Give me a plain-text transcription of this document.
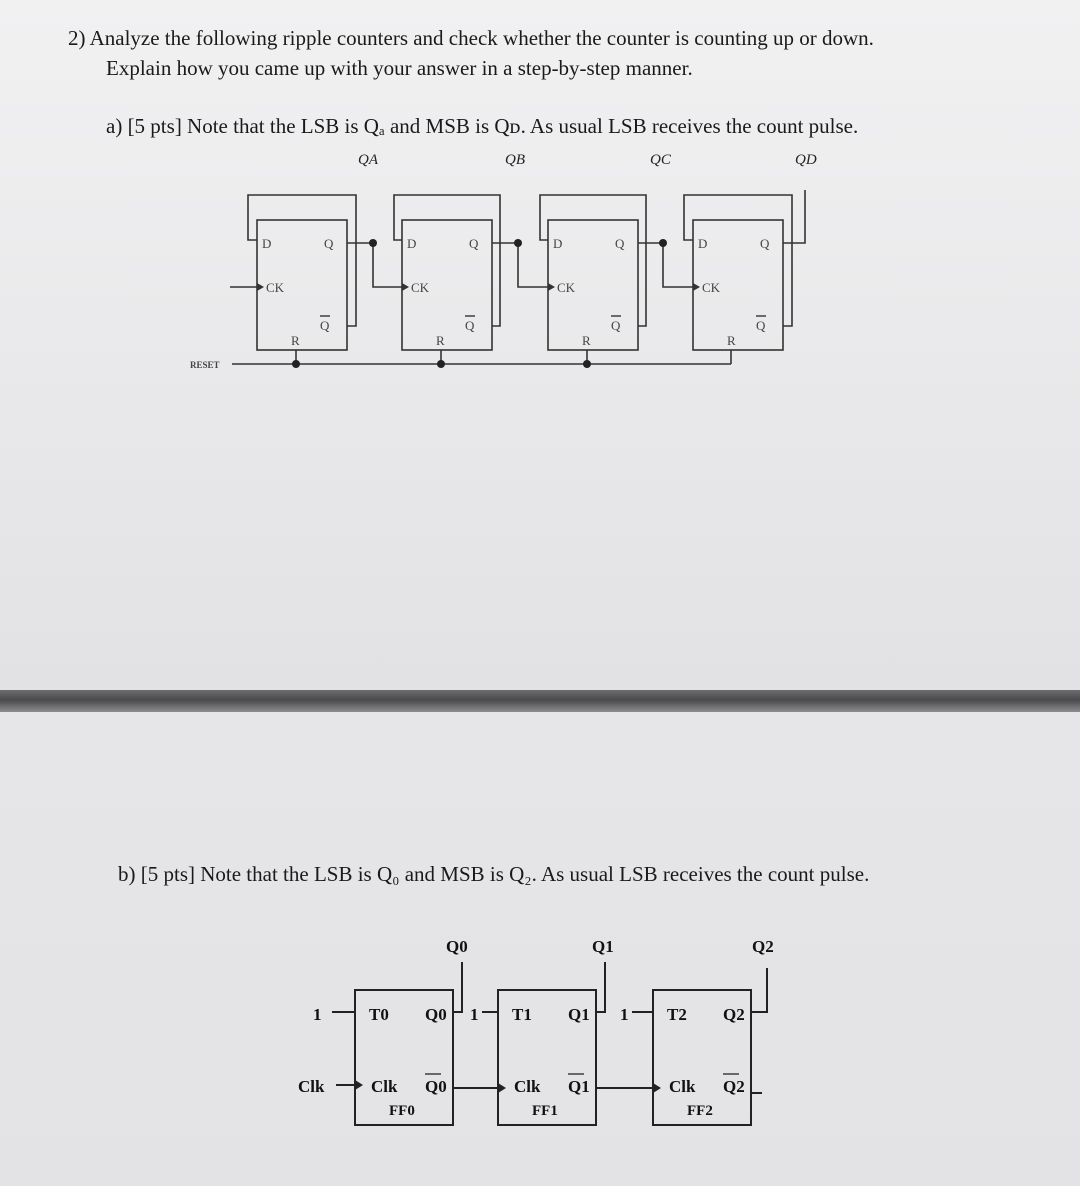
2) Analyze the following ripple counters and check whether the counter is counting up or down.

Explain how you came up with your answer in a step-by-step manner.

a) [5 pts] Note that the LSB is Qₐ and MSB is Qᴅ. As usual LSB receives the count pulse.

b) [5 pts] Note that the LSB is Q₀ and MSB is Q₂. As usual LSB receives the count pulse.

D	Q
CK
R
Q
D	Q
CK
R
Q
D	Q
CK
R
Q
D	Q
CK
R
Q
QA	QB	QC	QD
RESET
Q0	Q1	Q2
T0	T1	T2
Q0
Clk Q0
FF0
Q1
Clk Q1
FF1
Q2
Clk Q2
FF2
1	1	1
Clk
